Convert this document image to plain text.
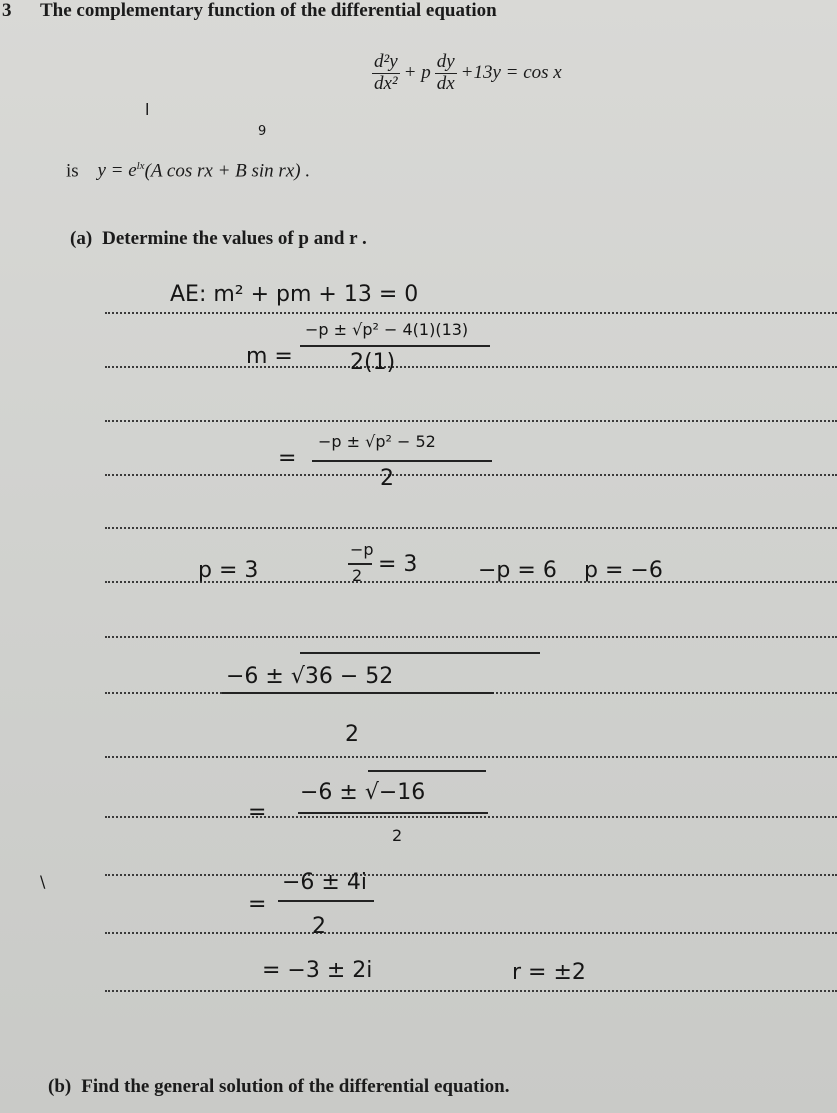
3 The complementary function of the differential equation
$\frac{\text{d²y}}{\text{dx²}} + p \frac{dy}{dx} +13y = \cos x$
is $y = e^{lx}(A$ cos rx + B sin rx) .
l
9
\
(a) Determine the values of p and r .
AE: m² + pm + 13 = 0
m =
−p ± √p² − 4(1)(13)
2(1)
=
−p ± √p² − 52
2
p = 3
−p
2 = 3	−p = 6 p = −6
−6 ± √36 − 52
2
=
−6 ± √−16
2
=
−6 ± 4i
2
= −3 ± 2i	r = ±2
(b) Find the general solution of the differential equation.
